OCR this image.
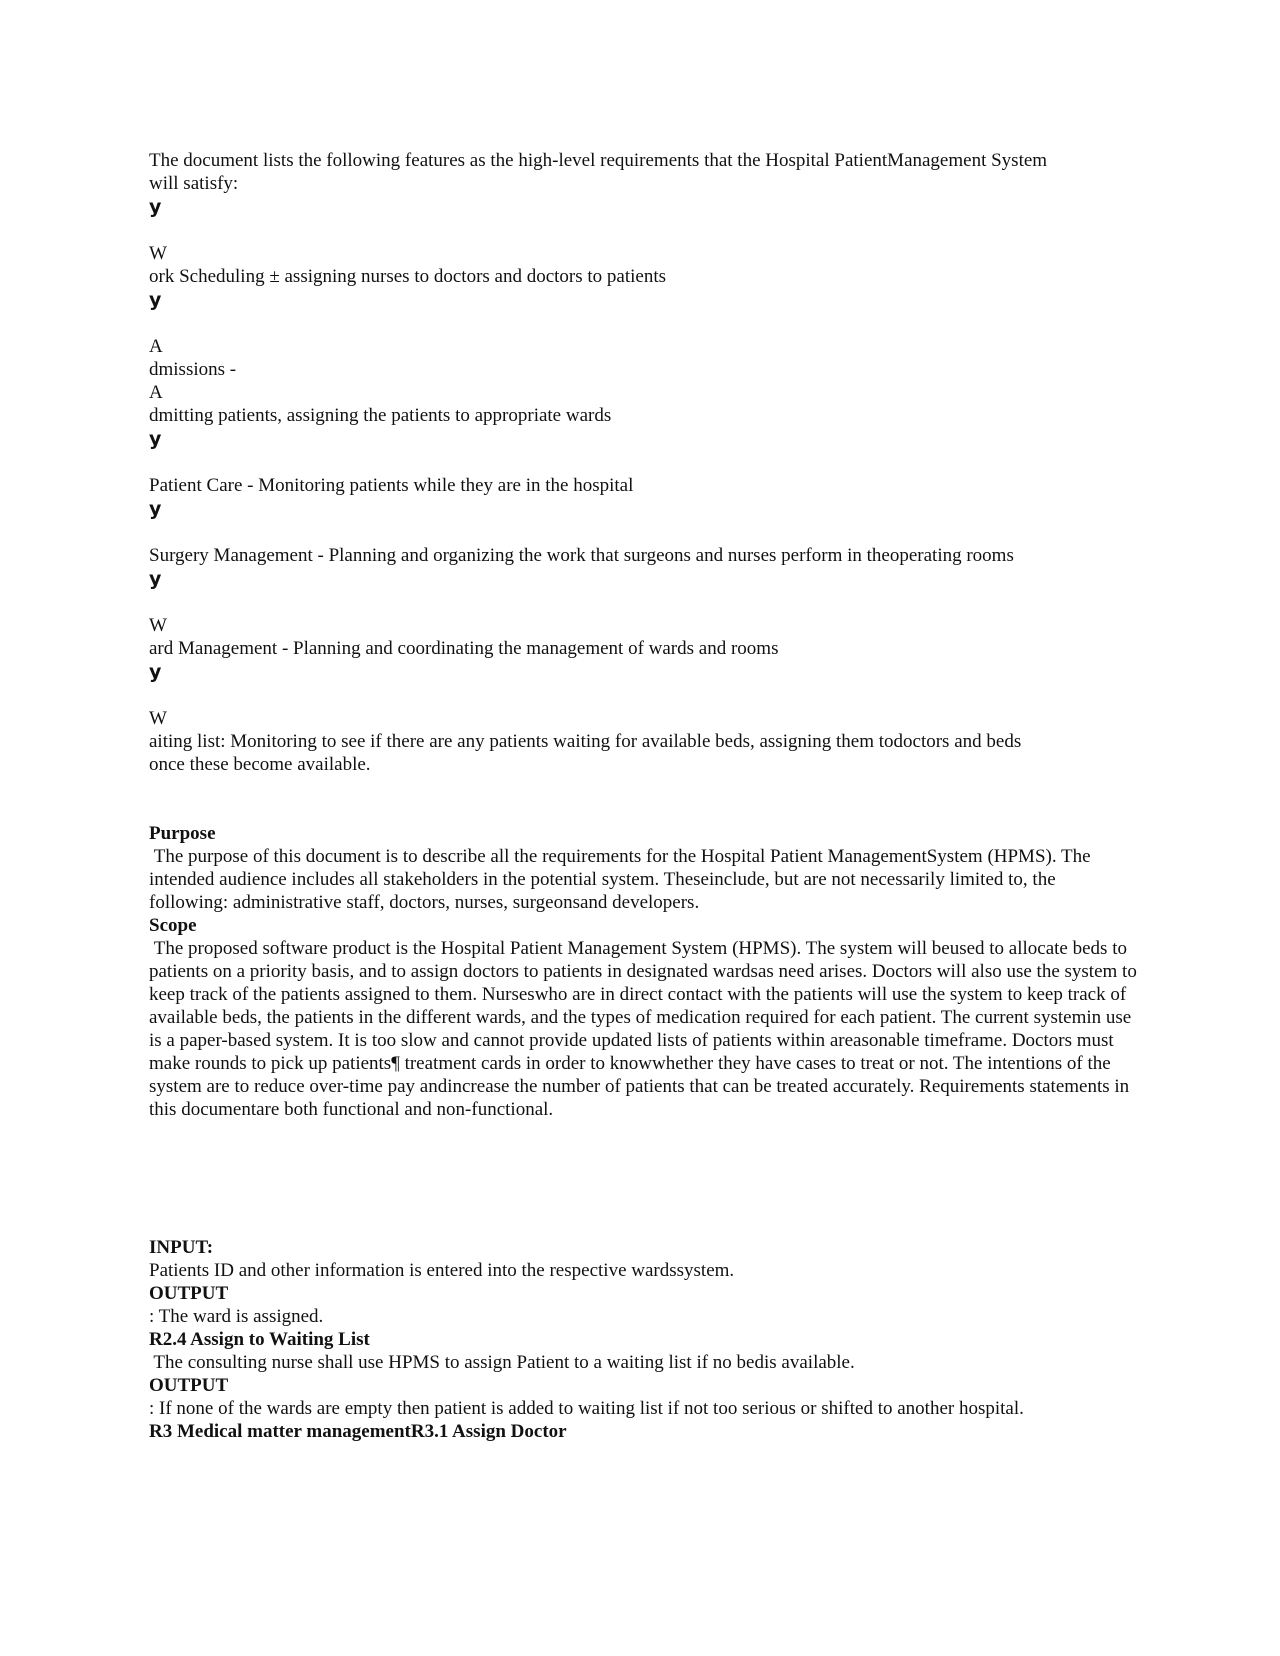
The document lists the following features as the high-level requirements that the Hospital PatientManagement System will satisfy:
y
W
ork Scheduling ± assigning nurses to doctors and doctors to patients
y
A
dmissions -
A
dmitting patients, assigning the patients to appropriate wards
y
Patient Care - Monitoring patients while they are in the hospital
y
Surgery Management - Planning and organizing the work that surgeons and nurses perform in theoperating rooms
y
W
ard Management - Planning and coordinating the management of wards and rooms
y
W
aiting list: Monitoring to see if there are any patients waiting for available beds, assigning them todoctors and beds
once these become available.
Purpose
The purpose of this document is to describe all the requirements for the Hospital Patient ManagementSystem (HPMS). The intended audience includes all stakeholders in the potential system. Theseinclude, but are not necessarily limited to, the following: administrative staff, doctors, nurses, surgeonsand developers.
Scope
The proposed software product is the Hospital Patient Management System (HPMS). The system will beused to allocate beds to patients on a priority basis, and to assign doctors to patients in designated wardsas need arises. Doctors will also use the system to keep track of the patients assigned to them. Nurseswho are in direct contact with the patients will use the system to keep track of available beds, the patients in the different wards, and the types of medication required for each patient. The current systemin use is a paper-based system. It is too slow and cannot provide updated lists of patients within areasonable timeframe. Doctors must make rounds to pick up patients¶ treatment cards in order to knowwhether they have cases to treat or not. The intentions of the system are to reduce over-time pay andincrease the number of patients that can be treated accurately. Requirements statements in this documentare both functional and non-functional.
INPUT:
Patients ID and other information is entered into the respective wardssystem.
OUTPUT
: The ward is assigned.
R2.4 Assign to Waiting List
The consulting nurse shall use HPMS to assign Patient to a waiting list if no bedis available.
OUTPUT
: If none of the wards are empty then patient is added to waiting list if not too serious or shifted to another hospital.
R3 Medical matter managementR3.1 Assign Doctor
